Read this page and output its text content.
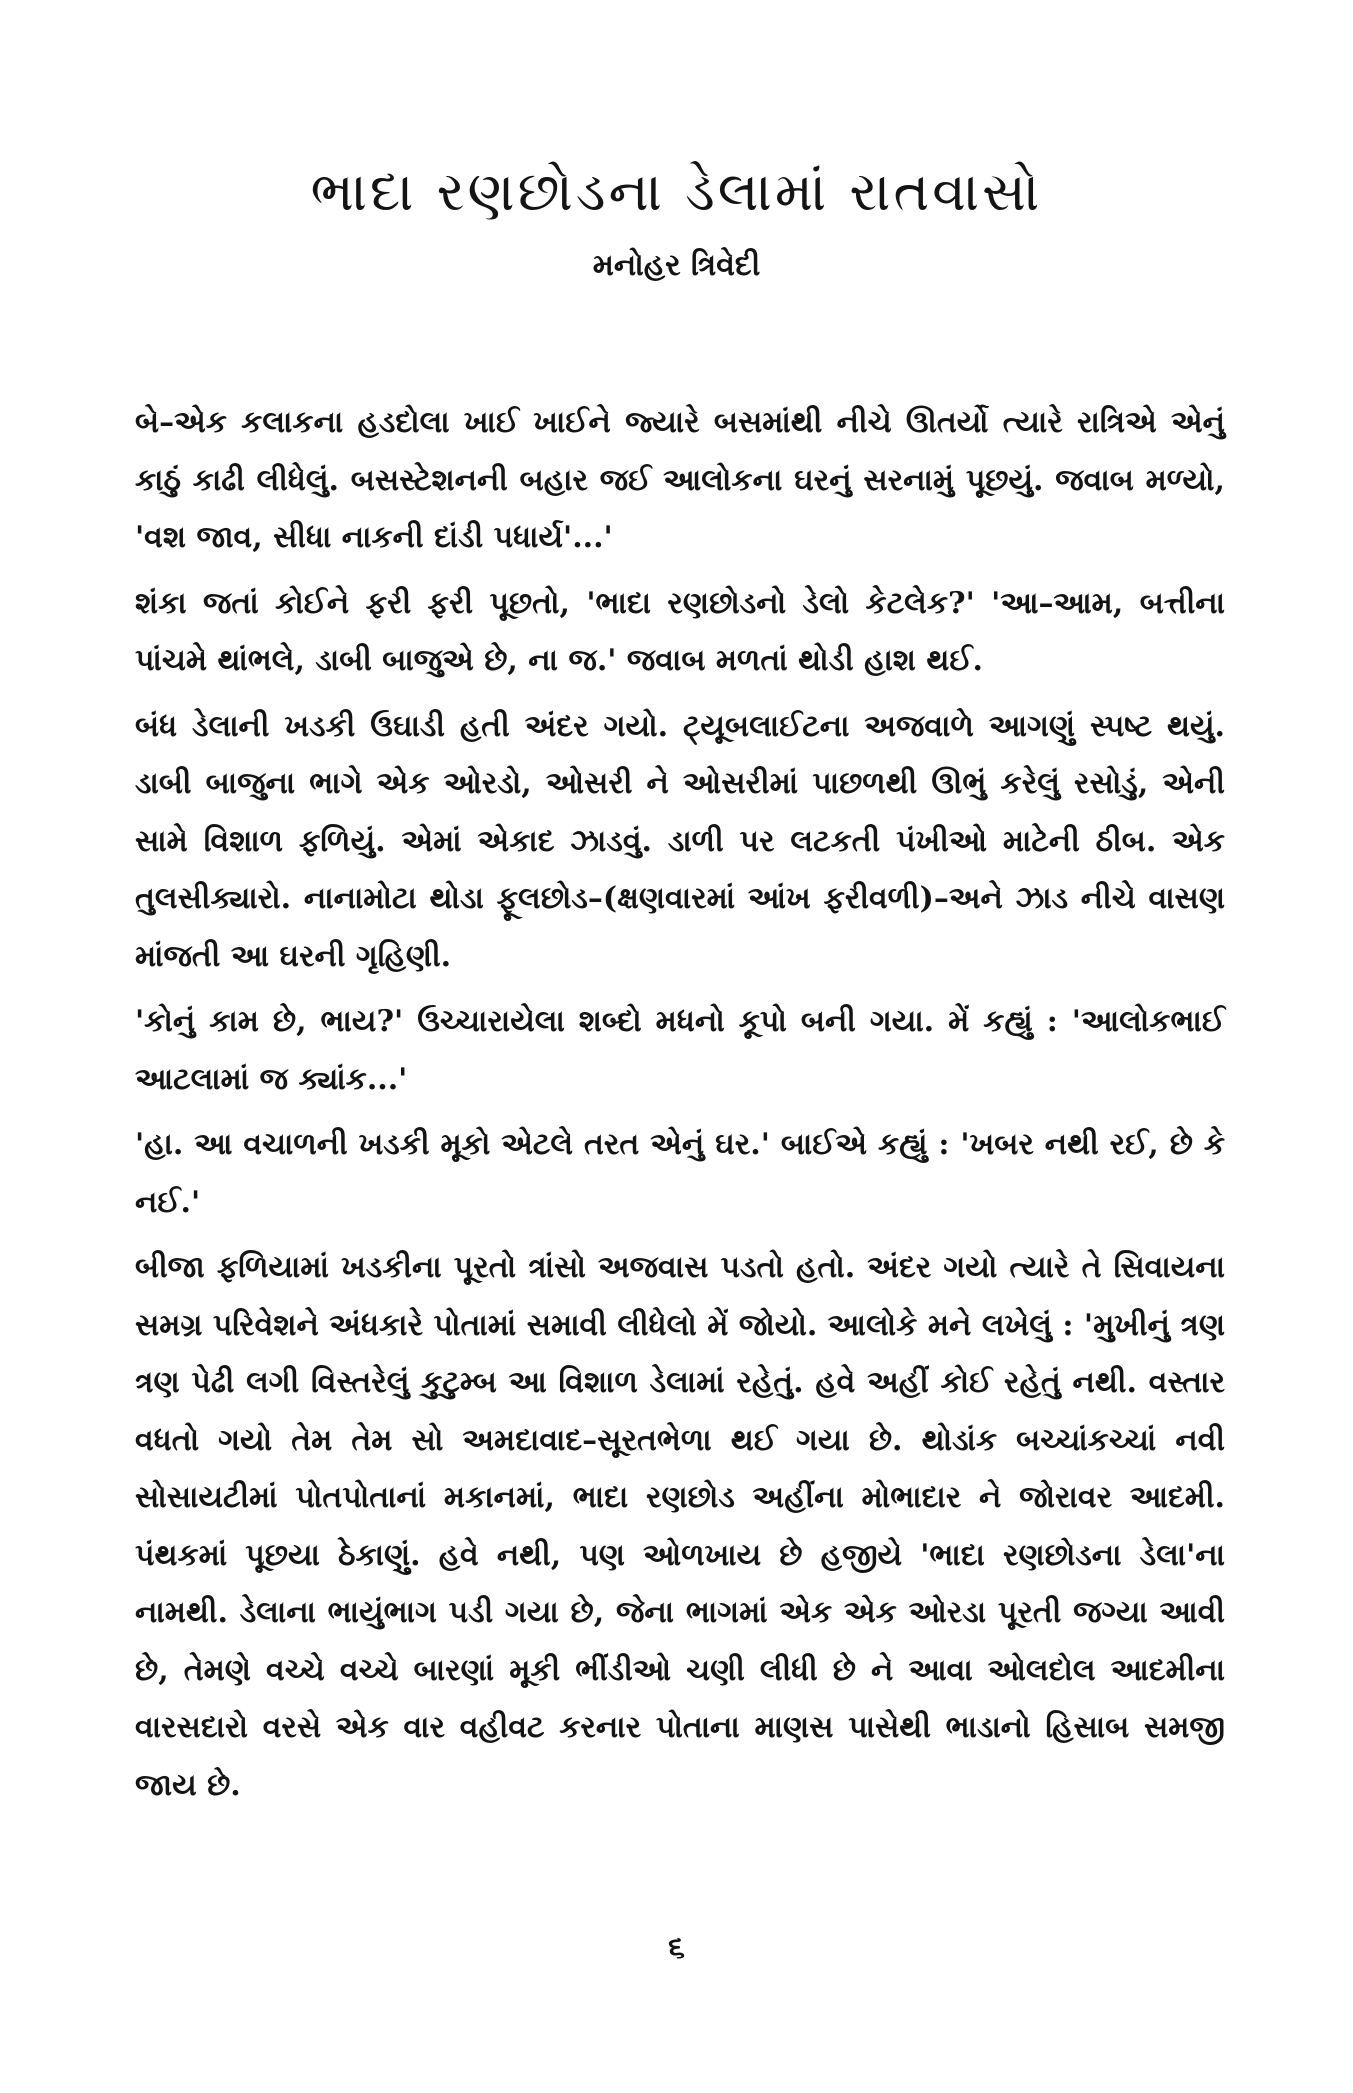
ભાદા રણછોડના ડેલામાં રાતવાસો
મનોહર ત્રિવેદી

બે–એક કલાકના હડદોલા ખાઈ ખાઈને જ્યારે બસમાંથી નીચે ઊતર્યો ત્યારે રાત્રિએ એનું કાઠું કાઢી લીધેલું. બસસ્ટેશનની બહાર જઈ આલોકના ઘરનું સરનામું પૂછયું. જવાબ મળ્યો, 'વશ જાવ, સીધા નાકની દાંડી પધાર્ય'...'

શંકા જતાં કોઈને ફરી ફરી પૂછતો, 'ભાદા રણછોડનો ડેલો કેટલેક?' 'આ–આમ, બત્તીના પાંચમે થાંભલે, ડાબી બાજુએ છે, ના જ.' જવાબ મળતાં થોડી હાશ થઈ.

બંધ ડેલાની ખડકી ઉઘાડી હતી અંદર ગયો. ટ્યૂબલાઈટના અજવાળે આગણું સ્પષ્ટ થયું. ડાબી બાજુના ભાગે એક ઓરડો, ઓસરી ને ઓસરીમાં પાછળથી ઊભું કરેલું રસોડું, એની સામે વિશાળ ફળિયું. એમાં એકાદ ઝાડવું. ડાળી પર લટકતી પંખીઓ માટેની ઠીબ. એક તુલસીક્યારો. નાનામોટા થોડા ફૂલછોડ–(ક્ષણવારમાં આંખ ફરીવળી)–અને ઝાડ નીચે વાસણ માંજતી આ ઘરની ગૃહિણી.

'કોનું કામ છે, ભાય?' ઉચ્ચારાયેલા શબ્દો મધનો કૂપો બની ગયા. મેં કહ્યું : 'આલોકભાઈ આટલામાં જ ક્યાંક...'

'હા. આ વચાળની ખડકી મૂકો એટલે તરત એનું ઘર.' બાઈએ કહ્યું : 'ખબર નથી રઈ, છે કે નઈ.'

બીજા ફળિયામાં ખડકીના પૂરતો ત્રાંસો અજવાસ પડતો હતો. અંદર ગયો ત્યારે તે સિવાયના સમગ્ર પરિવેશને અંધકારે પોતામાં સમાવી લીધેલો મેં જોયો. આલોકે મને લખેલું : 'મુખીનું ત્રણ ત્રણ પેઢી લગી વિસ્તરેલું કુટુમ્બ આ વિશાળ ડેલામાં રહેતું. હવે અહીં કોઈ રહેતું નથી. વસ્તાર વધતો ગયો તેમ તેમ સો અમદાવાદ–સૂરતભેળા થઈ ગયા છે. થોડાંક બચ્ચાંકચ્ચાં નવી સોસાયટીમાં પોતપોતાનાં મકાનમાં, ભાદા રણછોડ અહીંના મોભાદાર ને જોરાવર આદમી. પંથકમાં પૂછયા ઠેકાણું. હવે નથી, પણ ઓળખાય છે હજીયે 'ભાદા રણછોડના ડેલા'ના નામથી. ડેલાના ભાયુંભાગ પડી ગયા છે, જેના ભાગમાં એક એક ઓરડા પૂરતી જગ્યા આવી છે, તેમણે વચ્ચે વચ્ચે બારણાં મૂકી ભીંડીઓ ચણી લીધી છે ને આવા ઓલદોલ આદમીના વારસદારો વરસે એક વાર વહીવટ કરનાર પોતાના માણસ પાસેથી ભાડાનો હિસાબ સમજી જાય છે.

૬
